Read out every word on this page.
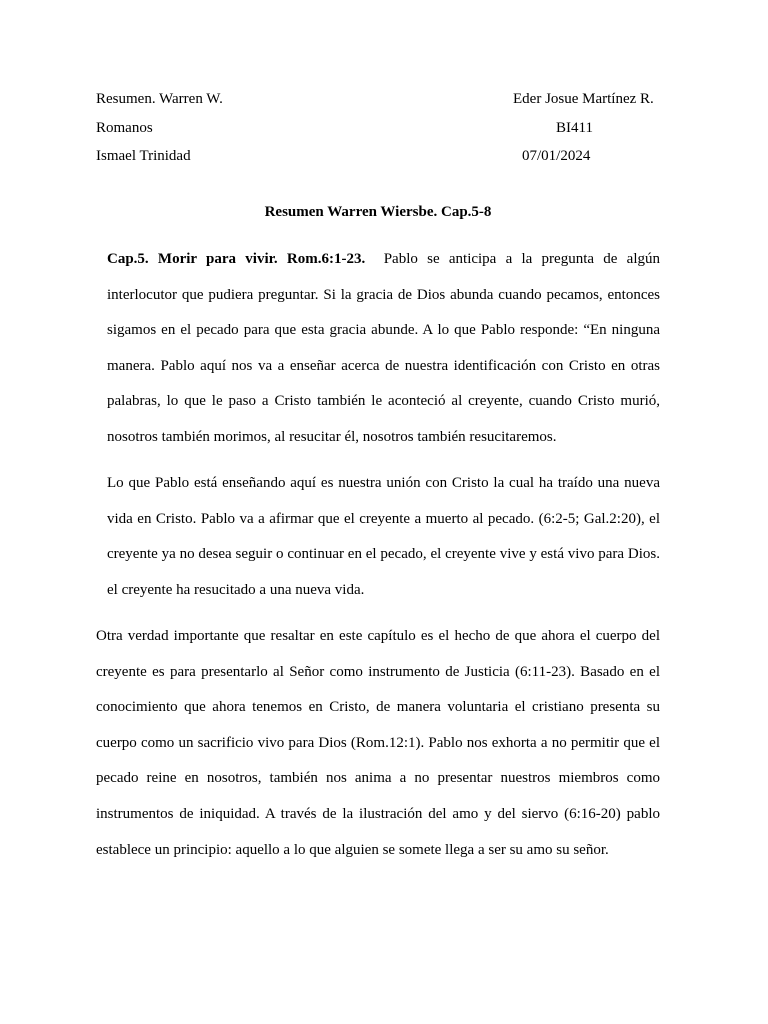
Resumen. Warren W.	Eder Josue Martínez R.
Romanos	BI411
Ismael Trinidad	07/01/2024
Resumen Warren Wiersbe. Cap.5-8

Cap.5. Morir para vivir. Rom.6:1-23. Pablo se anticipa a la pregunta de algún interlocutor que pudiera preguntar. Si la gracia de Dios abunda cuando pecamos, entonces sigamos en el pecado para que esta gracia abunde. A lo que Pablo responde: “En ninguna manera. Pablo aquí nos va a enseñar acerca de nuestra identificación con Cristo en otras palabras, lo que le paso a Cristo también le aconteció al creyente, cuando Cristo murió, nosotros también morimos, al resucitar él, nosotros también resucitaremos.

Lo que Pablo está enseñando aquí es nuestra unión con Cristo la cual ha traído una nueva vida en Cristo. Pablo va a afirmar que el creyente a muerto al pecado. (6:2-5; Gal.2:20), el creyente ya no desea seguir o continuar en el pecado, el creyente vive y está vivo para Dios. el creyente ha resucitado a una nueva vida.

Otra verdad importante que resaltar en este capítulo es el hecho de que ahora el cuerpo del creyente es para presentarlo al Señor como instrumento de Justicia (6:11-23). Basado en el conocimiento que ahora tenemos en Cristo, de manera voluntaria el cristiano presenta su cuerpo como un sacrificio vivo para Dios (Rom.12:1). Pablo nos exhorta a no permitir que el pecado reine en nosotros, también nos anima a no presentar nuestros miembros como instrumentos de iniquidad. A través de la ilustración del amo y del siervo (6:16-20) pablo establece un principio: aquello a lo que alguien se somete llega a ser su amo su señor.
